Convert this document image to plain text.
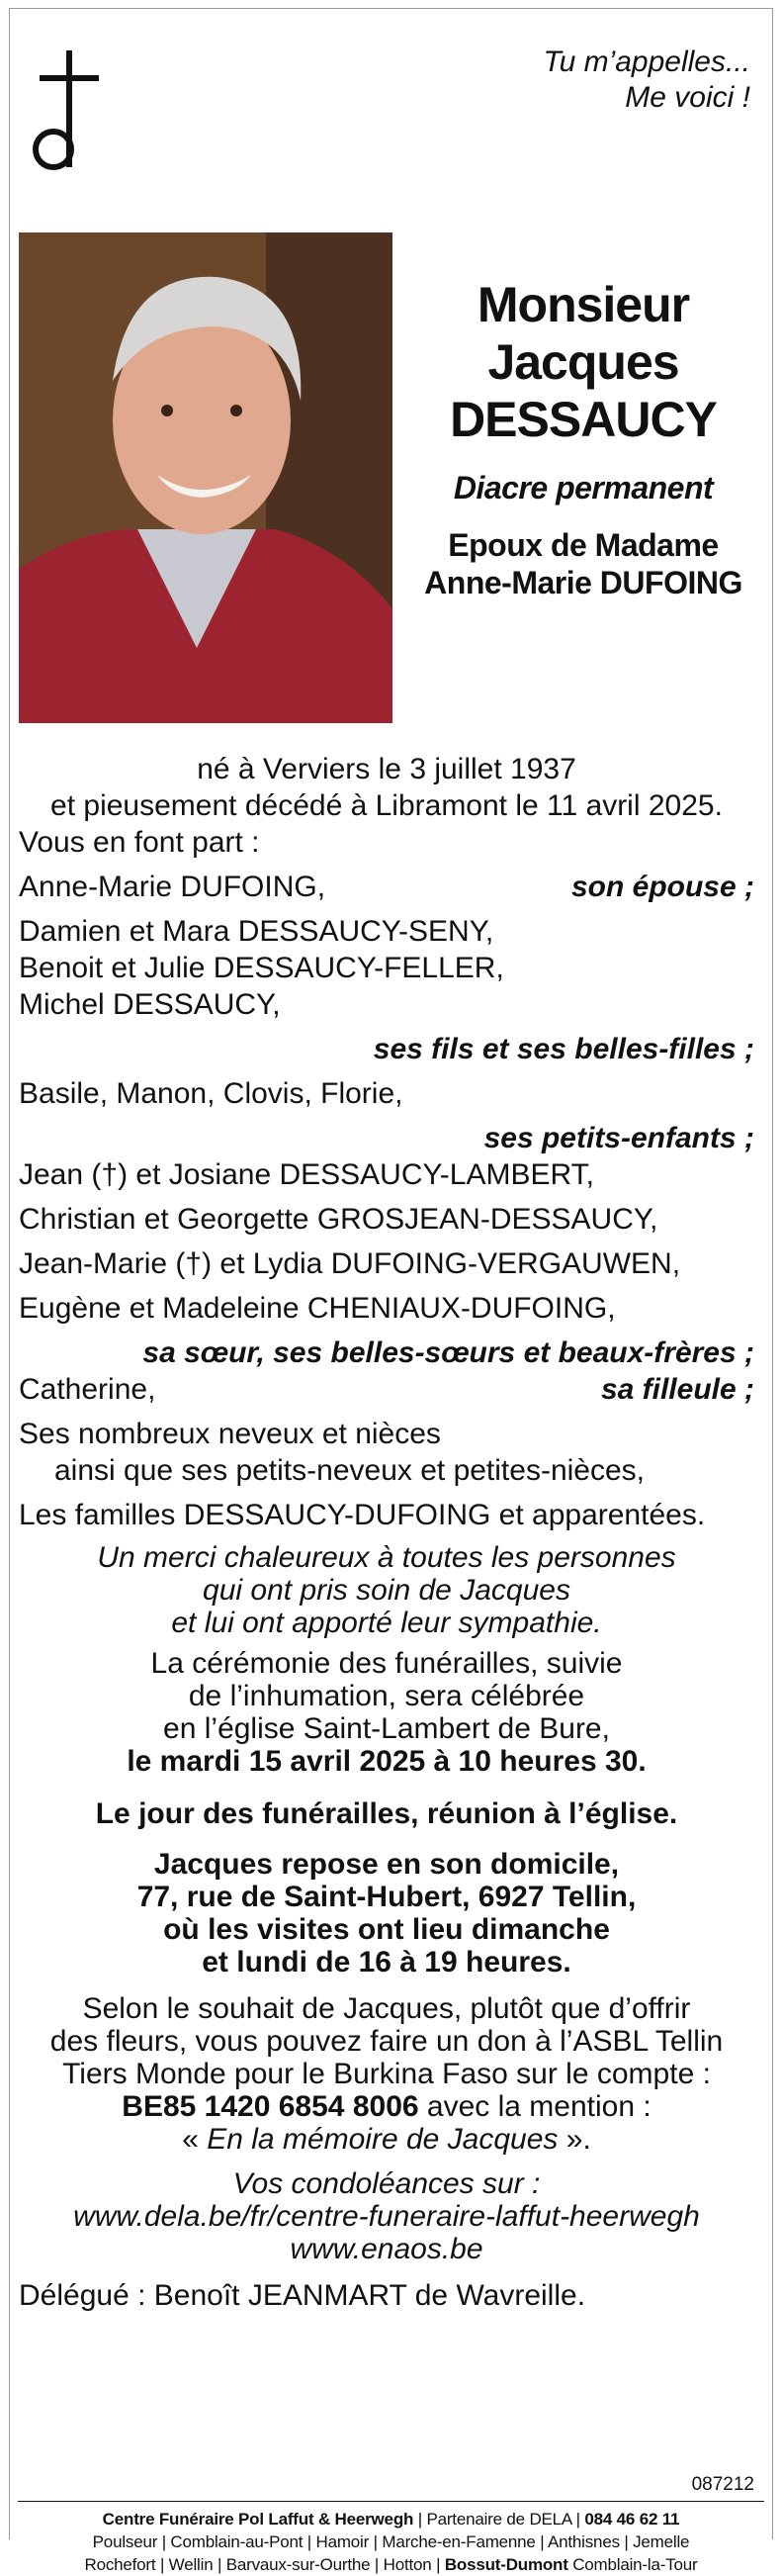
Tu m’appelles...
Me voici !
Monsieur
Jacques
DESSAUCY
Diacre permanent
Epoux de Madame
Anne-Marie DUFOING
né à Verviers le 3 juillet 1937
et pieusement décédé à Libramont le 11 avril 2025.
Vous en font part :
Anne-Marie DUFOING,	son épouse ;
Damien et Mara DESSAUCY-SENY,
Benoit et Julie DESSAUCY-FELLER,
Michel DESSAUCY,
ses fils et ses belles-filles ;
Basile, Manon, Clovis, Florie,
ses petits-enfants ;
Jean (†) et Josiane DESSAUCY-LAMBERT,
Christian et Georgette GROSJEAN-DESSAUCY,
Jean-Marie (†) et Lydia DUFOING-VERGAUWEN,
Eugène et Madeleine CHENIAUX-DUFOING,
sa sœur, ses belles-sœurs et beaux-frères ;
Catherine,	sa filleule ;
Ses nombreux neveux et nièces
ainsi que ses petits-neveux et petites-nièces,
Les familles DESSAUCY-DUFOING et apparentées.
Un merci chaleureux à toutes les personnes
qui ont pris soin de Jacques
et lui ont apporté leur sympathie.
La cérémonie des funérailles, suivie
de l’inhumation, sera célébrée
en l’église Saint-Lambert de Bure,
le mardi 15 avril 2025 à 10 heures 30.
Le jour des funérailles, réunion à l’église.
Jacques repose en son domicile,
77, rue de Saint-Hubert, 6927 Tellin,
où les visites ont lieu dimanche
et lundi de 16 à 19 heures.
Selon le souhait de Jacques, plutôt que d’offrir
des fleurs, vous pouvez faire un don à l’ASBL Tellin
Tiers Monde pour le Burkina Faso sur le compte :
BE85 1420 6854 8006 avec la mention :
« En la mémoire de Jacques ».
Vos condoléances sur :
www.dela.be/fr/centre-funeraire-laffut-heerwegh
www.enaos.be
Délégué : Benoît JEANMART de Wavreille.
087212
Centre Funéraire Pol Laffut & Heerwegh | Partenaire de DELA | 084 46 62 11
Poulseur | Comblain-au-Pont | Hamoir | Marche-en-Famenne | Anthisnes | Jemelle
Rochefort | Wellin | Barvaux-sur-Ourthe | Hotton | Bossut-Dumont Comblain-la-Tour
